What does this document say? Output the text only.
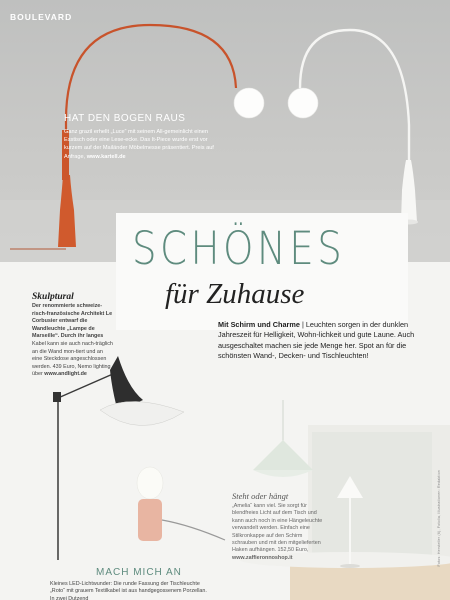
BOULEVARD
HAT DEN BOGEN RAUS
Ganz grazil erhellt „Luce“ mit seinem All-gemeinlicht einen Esstisch oder eine Lese-ecke. Das It-Piece wurde erst vor kurzem auf der Mailänder Möbelmesse präsentiert. Preis auf Anfrage, www.kartell.de
SCHÖNES
für Zuhause
Mit Schirm und Charme | Leuchten sorgen in der dunklen Jahreszeit für Helligkeit, Wohn-lichkeit und gute Laune. Auch ausgeschaltet machen sie jede Menge her. Spot an für die schönsten Wand-, Decken- und Tischleuchten!
Skulptural
Der renommierte schweize-risch-französische Architekt Le Corbusier entwarf die Wandleuchte „Lampe de Marseille“. Durch ihr langes Kabel kann sie auch nach-träglich an die Wand mon-tiert und an eine Steckdose angeschlossen werden. 439 Euro, Nemo lighting über www.andlight.de
Steht oder hängt
„Amelia“ kann viel. Sie sorgt für blendfreies Licht auf dem Tisch und kann auch noch in eine Hängeleuchte verwandelt werden. Einfach eine Stilkronkappe auf den Schirm schrauben und mit den mitgelieferten Haken aufhängen. 152,50 Euro, www.zaffieronnoshop.it
MACH MICH AN
Kleines LED-Lichtwunder: Die runde Fassung der Tischleuchte „Roto“ mit grauem Textilkabel ist aus handgegossenem Porzellan. In zwei Dutzend
Fotos: Hersteller (6), Fotolia, Illustrationen: Redaktion
